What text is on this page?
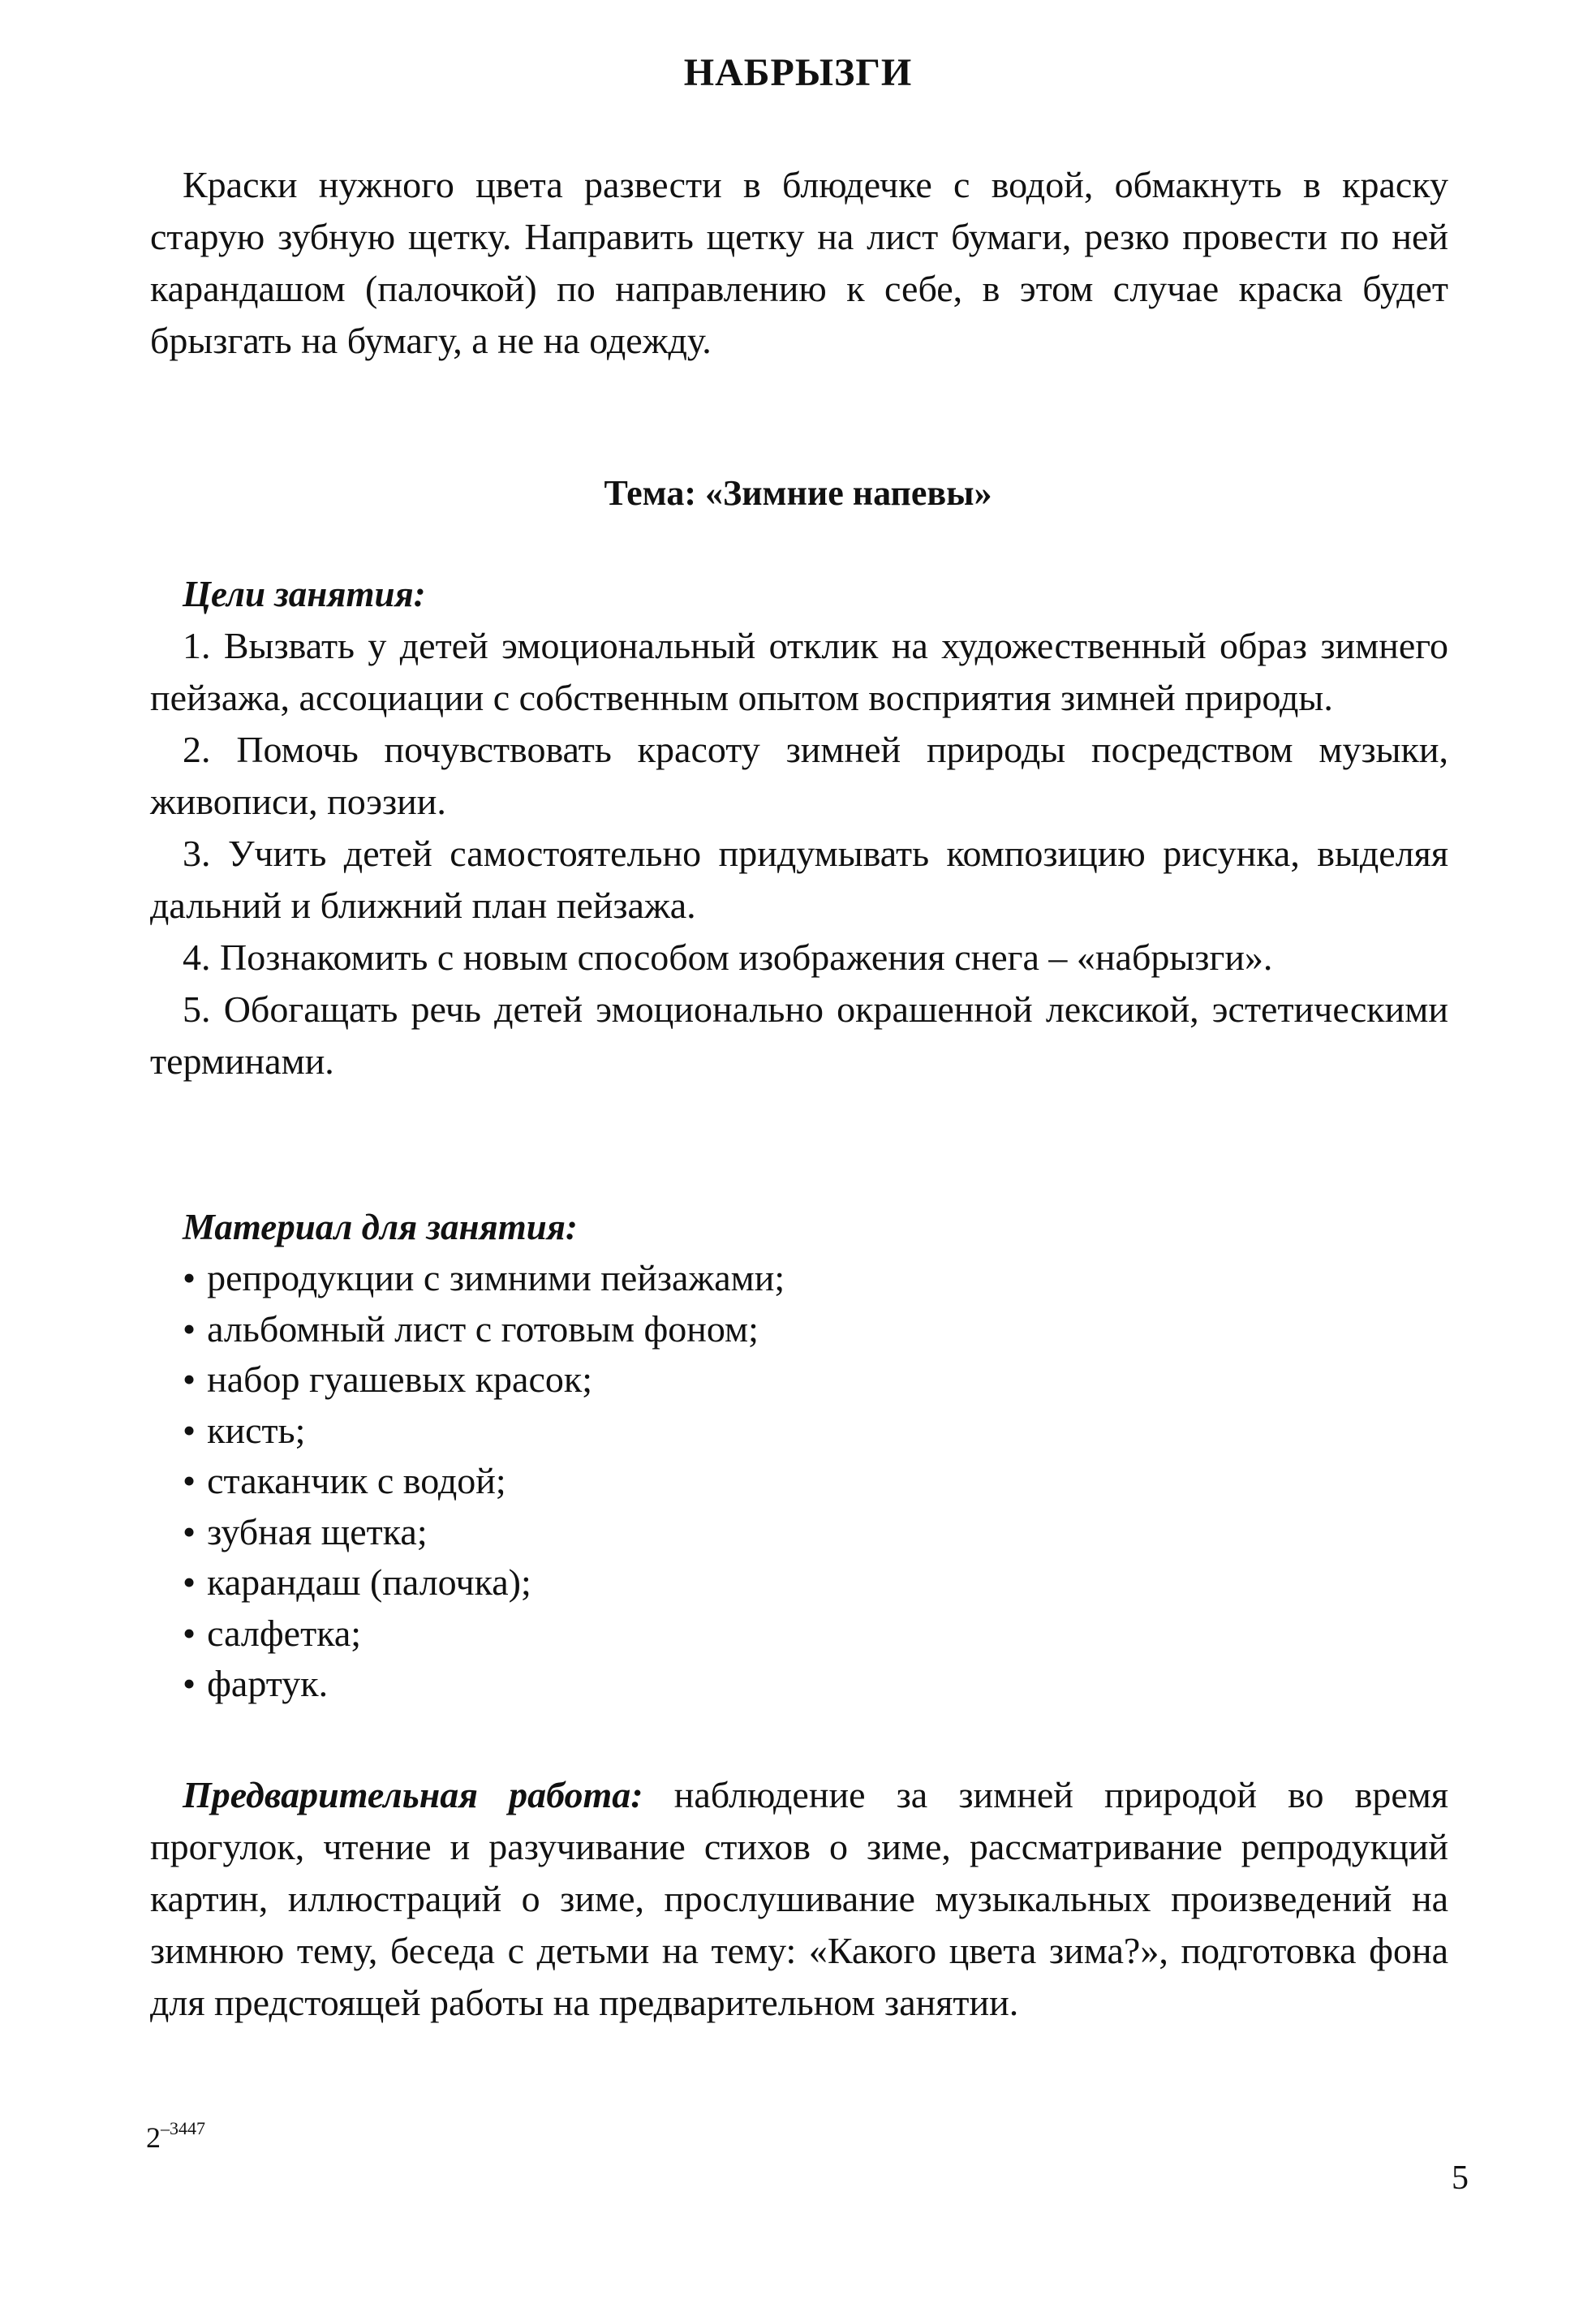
НАБРЫЗГИ

Краски нужного цвета развести в блюдечке с водой, обмакнуть в краску старую зубную щетку. Направить щетку на лист бумаги, резко провести по ней карандашом (палочкой) по направлению к себе, в этом случае краска будет брызгать на бумагу, а не на одежду.

Тема: «Зимние напевы»

Цели занятия:

1. Вызвать у детей эмоциональный отклик на художественный образ зимнего пейзажа, ассоциации с собственным опытом восприятия зимней природы.

2. Помочь почувствовать красоту зимней природы посредством музыки, живописи, поэзии.

3. Учить детей самостоятельно придумывать композицию рисунка, выделяя дальний и ближний план пейзажа.

4. Познакомить с новым способом изображения снега – «набрызги».

5. Обогащать речь детей эмоционально окрашенной лексикой, эстетическими терминами.

Материал для занятия:

• репродукции с зимними пейзажами;
• альбомный лист с готовым фоном;
• набор гуашевых красок;
• кисть;
• стаканчик с водой;
• зубная щетка;
• карандаш (палочка);
• салфетка;
• фартук.

Предварительная работа: наблюдение за зимней природой во время прогулок, чтение и разучивание стихов о зиме, рассматривание репродукций картин, иллюстраций о зиме, прослушивание музыкальных произведений на зимнюю тему, беседа с детьми на тему: «Какого цвета зима?», подготовка фона для предстоящей работы на предварительном занятии.

$2^{-3447}$
5
